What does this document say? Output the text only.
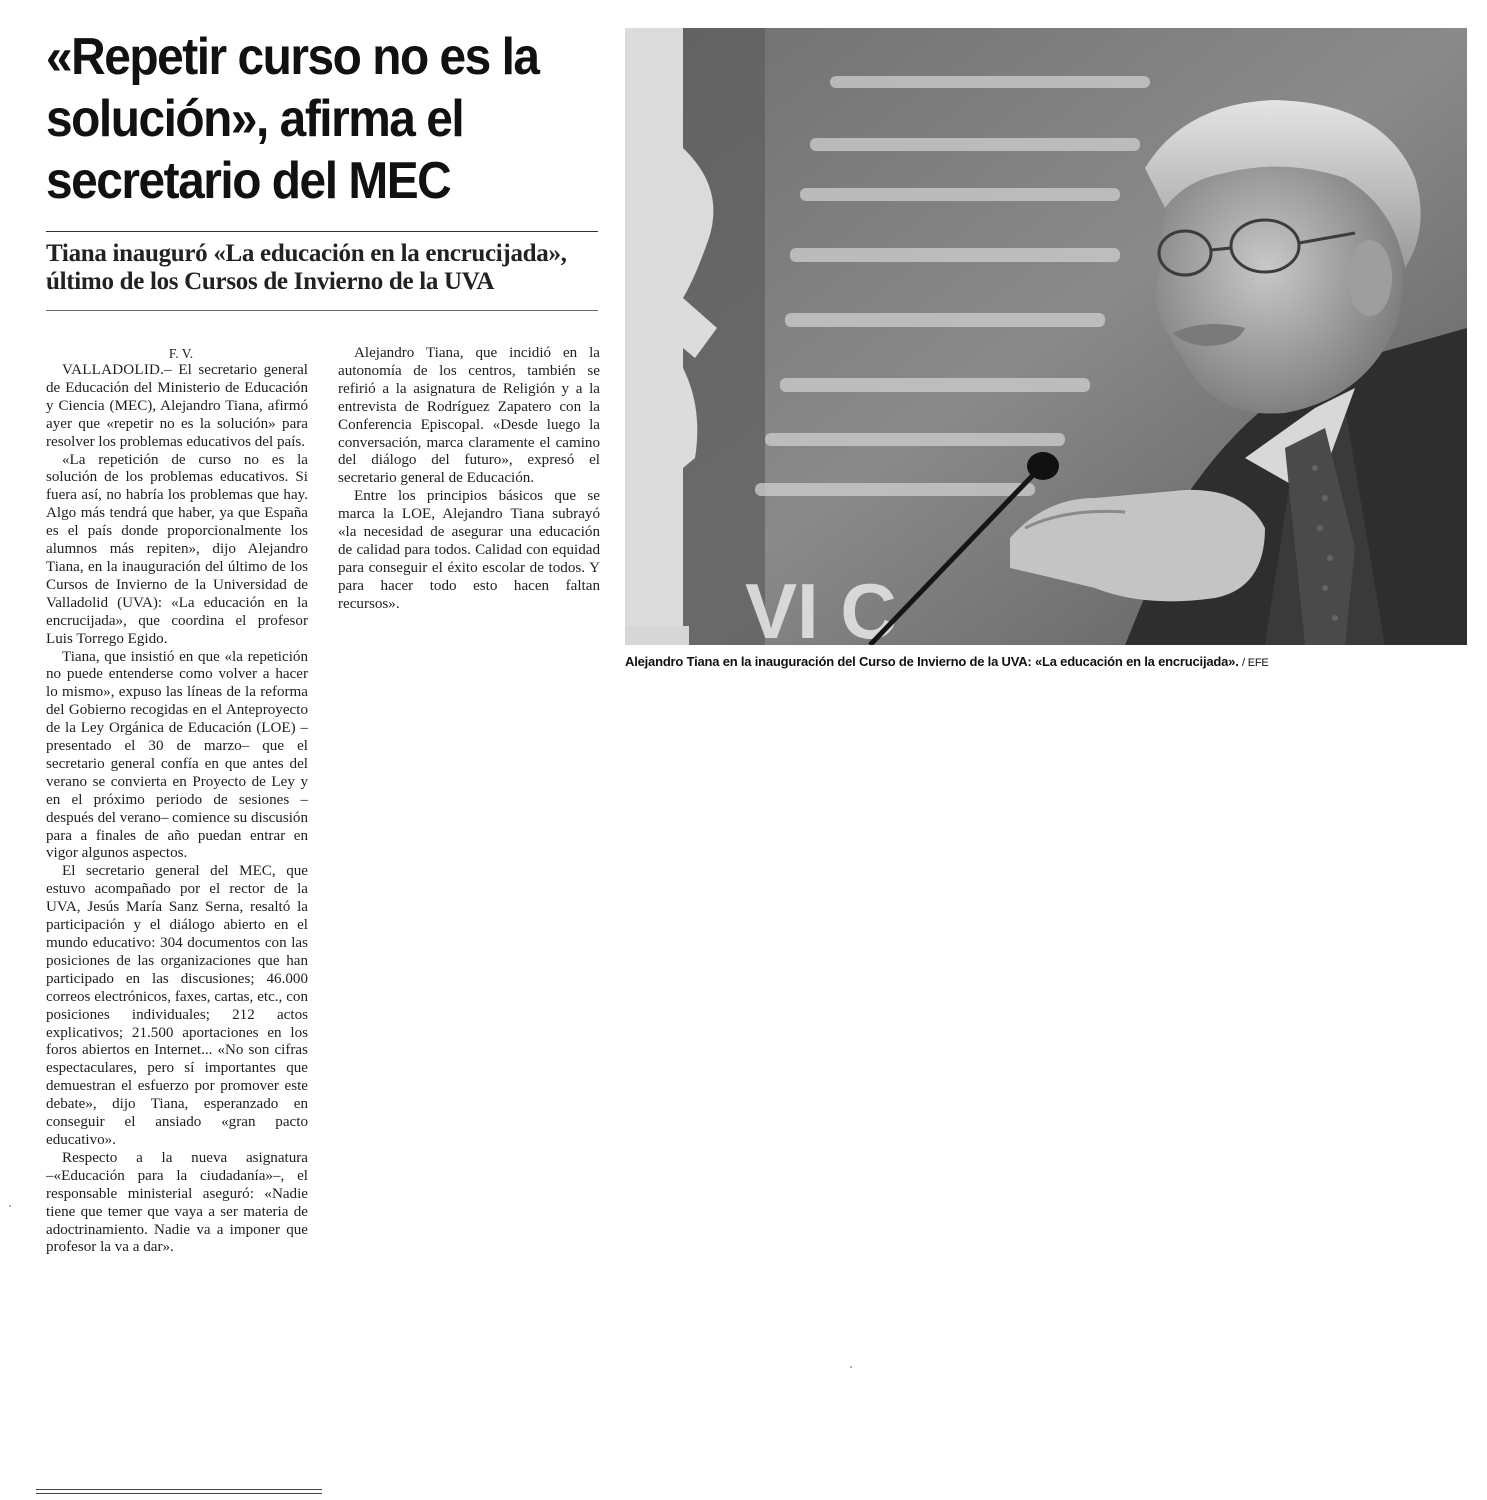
«Repetir curso no es la solución», afirma el secretario del MEC
Tiana inauguró «La educación en la encrucijada», último de los Cursos de Invierno de la UVA
F. V.

VALLADOLID.– El secretario general de Educación del Ministerio de Educación y Ciencia (MEC), Alejandro Tiana, afirmó ayer que «repetir no es la solución» para resolver los problemas educativos del país.

«La repetición de curso no es la solución de los problemas educativos. Si fuera así, no habría los problemas que hay. Algo más tendrá que haber, ya que España es el país donde proporcionalmente los alumnos más repiten», dijo Alejandro Tiana, en la inauguración del último de los Cursos de Invierno de la Universidad de Valladolid (UVA): «La educación en la encrucijada», que coordina el profesor Luis Torrego Egido.

Tiana, que insistió en que «la repetición no puede entenderse como volver a hacer lo mismo», expuso las líneas de la reforma del Gobierno recogidas en el Anteproyecto de la Ley Orgánica de Educación (LOE) –presentado el 30 de marzo– que el secretario general confía en que antes del verano se convierta en Proyecto de Ley y en el próximo periodo de sesiones –después del verano– comience su discusión para a finales de año puedan entrar en vigor algunos aspectos.

El secretario general del MEC, que estuvo acompañado por el rector de la UVA, Jesús María Sanz Serna, resaltó la participación y el diálogo abierto en el mundo educativo: 304 documentos con las posiciones de las organizaciones que han participado en las discusiones; 46.000 correos electrónicos, faxes, cartas, etc., con posiciones individuales; 212 actos explicativos; 21.500 aportaciones en los foros abiertos en Internet... «No son cifras espectaculares, pero sí importantes que demuestran el esfuerzo por promover este debate», dijo Tiana, esperanzado en conseguir el ansiado «gran pacto educativo».

Respecto a la nueva asignatura –«Educación para la ciudadanía»–, el responsable ministerial aseguró: «Nadie tiene que temer que vaya a ser materia de adoctrinamiento. Nadie va a imponer que profesor la va a dar».

Alejandro Tiana, que incidió en la autonomía de los centros, también se refirió a la asignatura de Religión y a la entrevista de Rodríguez Zapatero con la Conferencia Episcopal. «Desde luego la conversación, marca claramente el camino del diálogo del futuro», expresó el secretario general de Educación.

Entre los principios básicos que se marca la LOE, Alejandro Tiana subrayó «la necesidad de asegurar una educación de calidad para todos. Calidad con equidad para conseguir el éxito escolar de todos. Y para hacer todo esto hacen faltan recursos».	VI C

Alejandro Tiana en la inauguración del Curso de Invierno de la UVA: «La educación en la encrucijada». / EFE
